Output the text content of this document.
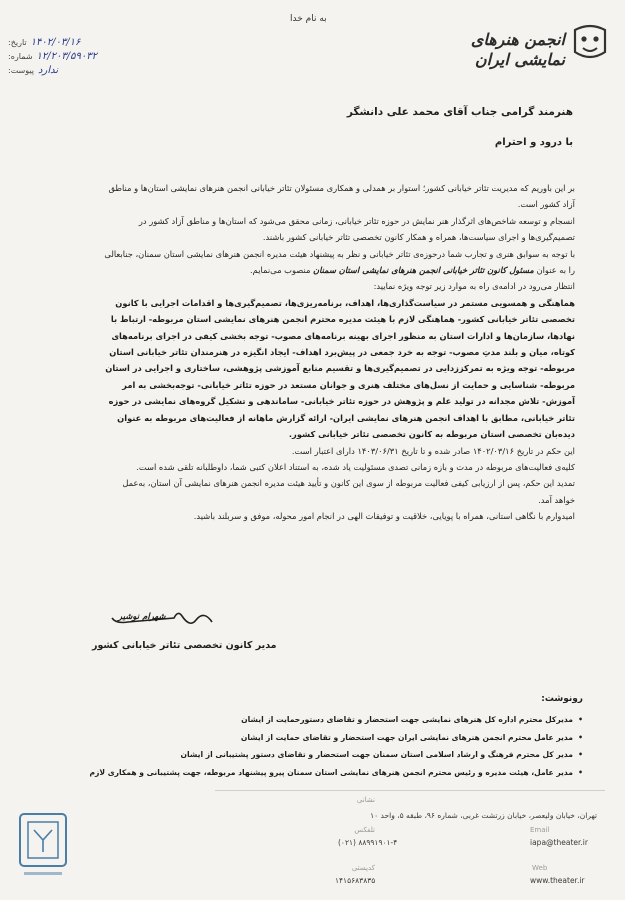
به نام خدا
انجمن هنرهای نمایشی ایران
تاریخ: ۱۴۰۲/۰۳/۱۶
شماره: ۱۲/۲۰۳/۵۹۰۳۲
پیوست: ندارد
هنرمند گرامی جناب آقای محمد علی دانشگر
با درود و احترام

بر این باوریم که مدیریت تئاتر خیابانی کشور؛ استوار بر همدلی و همکاری مسئولان تئاتر خیابانی انجمن هنرهای نمایشی استان‌ها و مناطق آزاد کشور است.

انسجام و توسعه شاخص‌های اثرگذار هنر نمایش در حوزه تئاتر خیابانی، زمانی محقق می‌شود که استان‌ها و مناطق آزاد کشور در تصمیم‌گیری‌ها و اجرای سیاست‌ها، همراه و همکار کانون تخصصی تئاتر خیابانی کشور باشند.

با توجه به سوابق هنری و تجارب شما درحوزه‌ی تئاتر خیابانی و نظر به پیشنهاد هیئت مدیره انجمن هنرهای نمایشی استان سمنان، جنابعالی را به عنوان مسئول کانون تئاتر خیابانی انجمن هنرهای نمایشی استان سمنان منصوب می‌نمایم.

انتظار می‌رود در ادامه‌ی راه به موارد زیر توجه ویژه نمایید:

هماهنگی و همسویی مستمر در سیاست‌گذاری‌ها، اهداف، برنامه‌ریزی‌ها، تصمیم‌گیری‌ها و اقدامات اجرایی با کانون تخصصی تئاتر خیابانی کشور- هماهنگی لازم با هیئت مدیره محترم انجمن هنرهای نمایشی استان مربوطه- ارتباط با نهادها، سازمان‌ها و ادارات استان به منظور اجرای بهینه برنامه‌های مصوب- توجه بخشی کیفی در اجرای برنامه‌های کوتاه، میان و بلند مدتِ مصوب- توجه به خرد جمعی در پیش‌برد اهداف- ایجاد انگیزه در هنرمندان تئاتر خیابانی استان مربوطه- توجه ویژه به تمرکززدایی در تصمیم‌گیری‌ها و تقسیم منابع آموزشی پژوهشی، ساختاری و اجرایی در استان مربوطه- شناسایی و حمایت از نسل‌های مختلف هنری و جوانان مستعد در حوزه تئاتر خیابانی- توجه‌بخشی به امر آموزش- تلاش مجدانه در تولید علم و پژوهش در حوزه تئاتر خیابانی- ساماندهی و تشکیل گروه‌های نمایشی در حوزه تئاتر خیابانی، مطابق با اهداف انجمن هنرهای نمایشی ایران- ارائه گزارش ماهانه از فعالیت‌های مربوطه به عنوان دیده‌بان تخصصی استان مربوطه به کانون تخصصی تئاتر خیابانی کشور.

این حکم در تاریخ ۱۴۰۲/۰۳/۱۶ صادر شده و تا تاریخ ۱۴۰۳/۰۶/۳۱ دارای اعتبار است.

کلیه‌ی فعالیت‌های مربوطه در مدت و بازه زمانی تصدی مسئولیت یاد شده، به استناد اعلان کتبی شما، داوطلبانه تلقی شده است.

تمدید این حکم، پس از ارزیابی کیفی فعالیت مربوطه از سوی این کانون و تأیید هیئت مدیره انجمن هنرهای نمایشی آن استان، به‌عمل خواهد آمد.

امیدوارم با نگاهی استانی، همراه با پویایی، خلاقیت و توفیقات الهی در انجام امور محوله، موفق و سربلند باشید.

شهرام نوشیر
مدیر کانون تخصصی تئاتر خیابانی کشور
رونوشت:
• مدیرکل محترم اداره کل هنرهای نمایشی جهت استحضار و تقاضای دستورحمایت از ایشان
• مدیر عامل محترم انجمن هنرهای نمایشی ایران جهت استحضار و تقاضای حمایت از ایشان
• مدیر کل محترم فرهنگ و ارشاد اسلامی استان سمنان جهت استحضار و تقاضای دستور پشتیبانی از ایشان
• مدیر عامل، هیئت مدیره و رئیس محترم انجمن هنرهای نمایشی استان سمنان پیرو پیشنهاد مربوطه، جهت پشتیبانی و همکاری لازم
نشانی
تهران، خیابان ولیعصر، خیابان زرتشت غربی، شماره ۹۶، طبقه ۵، واحد ۱۰
Email
iapa@theater.ir
تلفکس
(۰۲۱) ۸۸۹۹۱۹۰۱-۴
Web
www.theater.ir
کدپستی
۱۴۱۵۶۸۳۸۳۵
